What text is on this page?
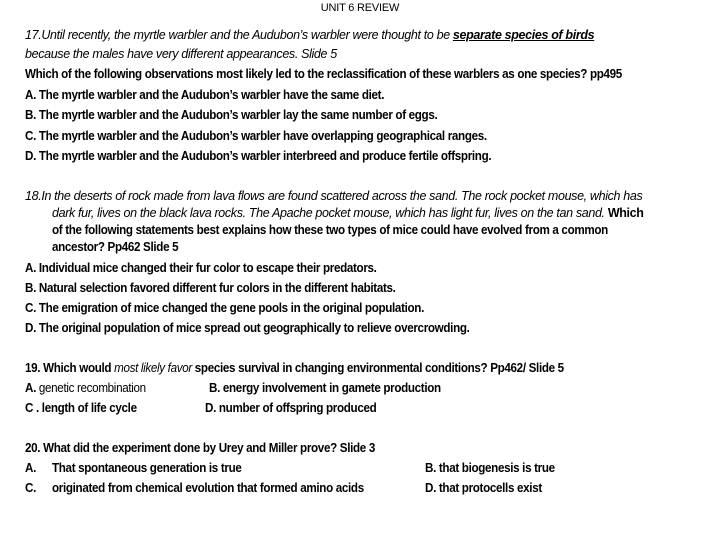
UNIT 6 REVIEW
17.Until recently, the myrtle warbler and the Audubon’s warbler were thought to be separate species of birds
because the males have very different appearances. Slide 5
Which of the following observations most likely led to the reclassification of these warblers as one species? pp495
A. The myrtle warbler and the Audubon’s warbler have the same diet.
B. The myrtle warbler and the Audubon’s warbler lay the same number of eggs.
C. The myrtle warbler and the Audubon’s warbler have overlapping geographical ranges.
D. The myrtle warbler and the Audubon’s warbler interbreed and produce fertile offspring.
18.In the deserts of rock made from lava flows are found scattered across the sand. The rock pocket mouse, which has
dark fur, lives on the black lava rocks. The Apache pocket mouse, which has light fur, lives on the tan sand. Which
of the following statements best explains how these two types of mice could have evolved from a common
ancestor? Pp462 Slide 5
A. Individual mice changed their fur color to escape their predators.
B. Natural selection favored different fur colors in the different habitats.
C. The emigration of mice changed the gene pools in the original population.
D. The original population of mice spread out geographically to relieve overcrowding.
19. Which would most likely favor species survival in changing environmental conditions? Pp462/ Slide 5
A. genetic recombination	B. energy involvement in gamete production
C . length of life cycle	D. number of offspring produced
20. What did the experiment done by Urey and Miller prove? Slide 3
A. That spontaneous generation is true	B. that biogenesis is true
C. originated from chemical evolution that formed amino acids	D. that protocells exist
